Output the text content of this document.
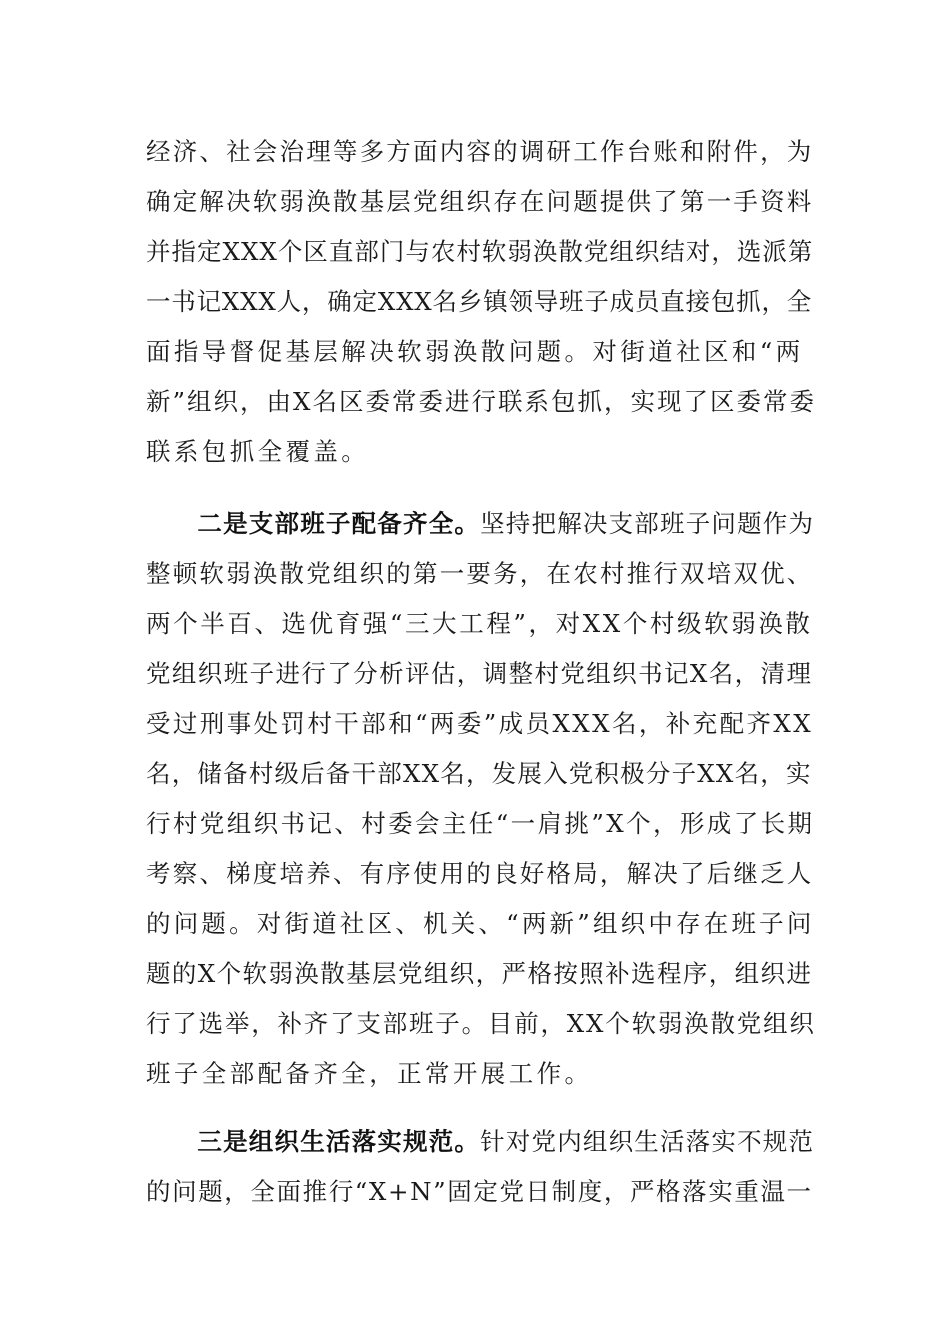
经济、社会治理等多方面内容的调研工作台账和附件，为
确定解决软弱涣散基层党组织存在问题提供了第一手资料
并指定XXX个区直部门与农村软弱涣散党组织结对，选派第
一书记XXX人，确定XXX名乡镇领导班子成员直接包抓，全
面指导督促基层解决软弱涣散问题。对街道社区和“两
新”组织，由X名区委常委进行联系包抓，实现了区委常委
联系包抓全覆盖。
　　二是支部班子配备齐全。坚持把解决支部班子问题作为
整顿软弱涣散党组织的第一要务，在农村推行双培双优、
两个半百、选优育强“三大工程”，对XX个村级软弱涣散
党组织班子进行了分析评估，调整村党组织书记X名，清理
受过刑事处罚村干部和“两委”成员XXX名，补充配齐XX
名，储备村级后备干部XX名，发展入党积极分子XX名，实
行村党组织书记、村委会主任“一肩挑”X个，形成了长期
考察、梯度培养、有序使用的良好格局，解决了后继乏人
的问题。对街道社区、机关、“两新”组织中存在班子问
题的X个软弱涣散基层党组织，严格按照补选程序，组织进
行了选举，补齐了支部班子。目前，XX个软弱涣散党组织
班子全部配备齐全，正常开展工作。
　　三是组织生活落实规范。针对党内组织生活落实不规范
的问题，全面推行“X+N”固定党日制度，严格落实重温一
